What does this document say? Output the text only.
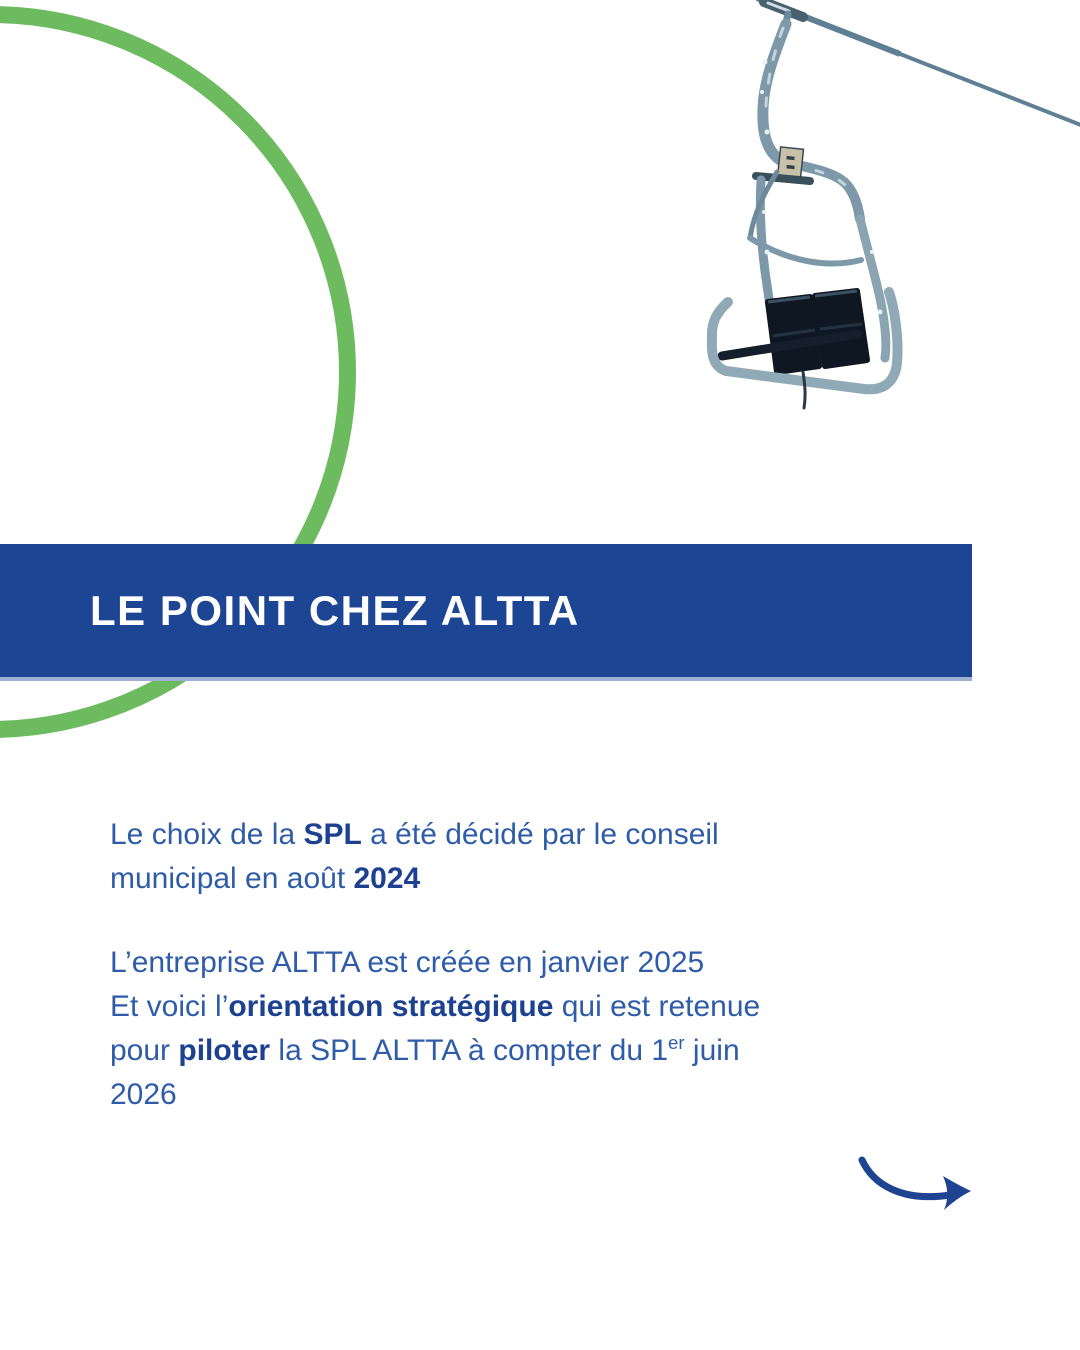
LE POINT CHEZ ALTTA

Le choix de la SPL a été décidé par le conseil
municipal en août 2024

L’entreprise ALTTA est créée en janvier 2025
Et voici l’orientation stratégique qui est retenue
pour piloter la SPL ALTTA à compter du 1er juin
2026
